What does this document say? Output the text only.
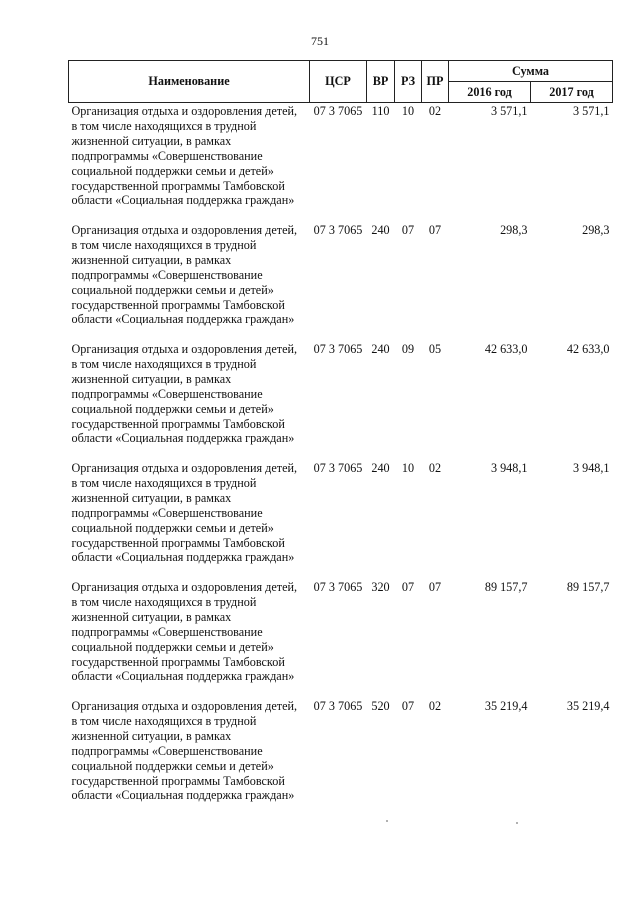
751
Наименование	ЦСР	ВР	РЗ	ПР	Сумма	
					2016 год	2017 год
Организация отдыха и оздоровления детей, в том числе находящихся в трудной жизненной ситуации, в рамках подпрограммы «Совершенствование социальной поддержки семьи и детей» государственной программы Тамбовской области «Социальная поддержка граждан»	07 3 7065	110	10	02	3 571,1	3 571,1
Организация отдыха и оздоровления детей, в том числе находящихся в трудной жизненной ситуации, в рамках подпрограммы «Совершенствование социальной поддержки семьи и детей» государственной программы Тамбовской области «Социальная поддержка граждан»	07 3 7065	240	07	07	298,3	298,3
Организация отдыха и оздоровления детей, в том числе находящихся в трудной жизненной ситуации, в рамках подпрограммы «Совершенствование социальной поддержки семьи и детей» государственной программы Тамбовской области «Социальная поддержка граждан»	07 3 7065	240	09	05	42 633,0	42 633,0
Организация отдыха и оздоровления детей, в том числе находящихся в трудной жизненной ситуации, в рамках подпрограммы «Совершенствование социальной поддержки семьи и детей» государственной программы Тамбовской области «Социальная поддержка граждан»	07 3 7065	240	10	02	3 948,1	3 948,1
Организация отдыха и оздоровления детей, в том числе находящихся в трудной жизненной ситуации, в рамках подпрограммы «Совершенствование социальной поддержки семьи и детей» государственной программы Тамбовской области «Социальная поддержка граждан»	07 3 7065	320	07	07	89 157,7	89 157,7
Организация отдыха и оздоровления детей, в том числе находящихся в трудной жизненной ситуации, в рамках подпрограммы «Совершенствование социальной поддержки семьи и детей» государственной программы Тамбовской области «Социальная поддержка граждан»	07 3 7065	520	07	02	35 219,4	35 219,4
